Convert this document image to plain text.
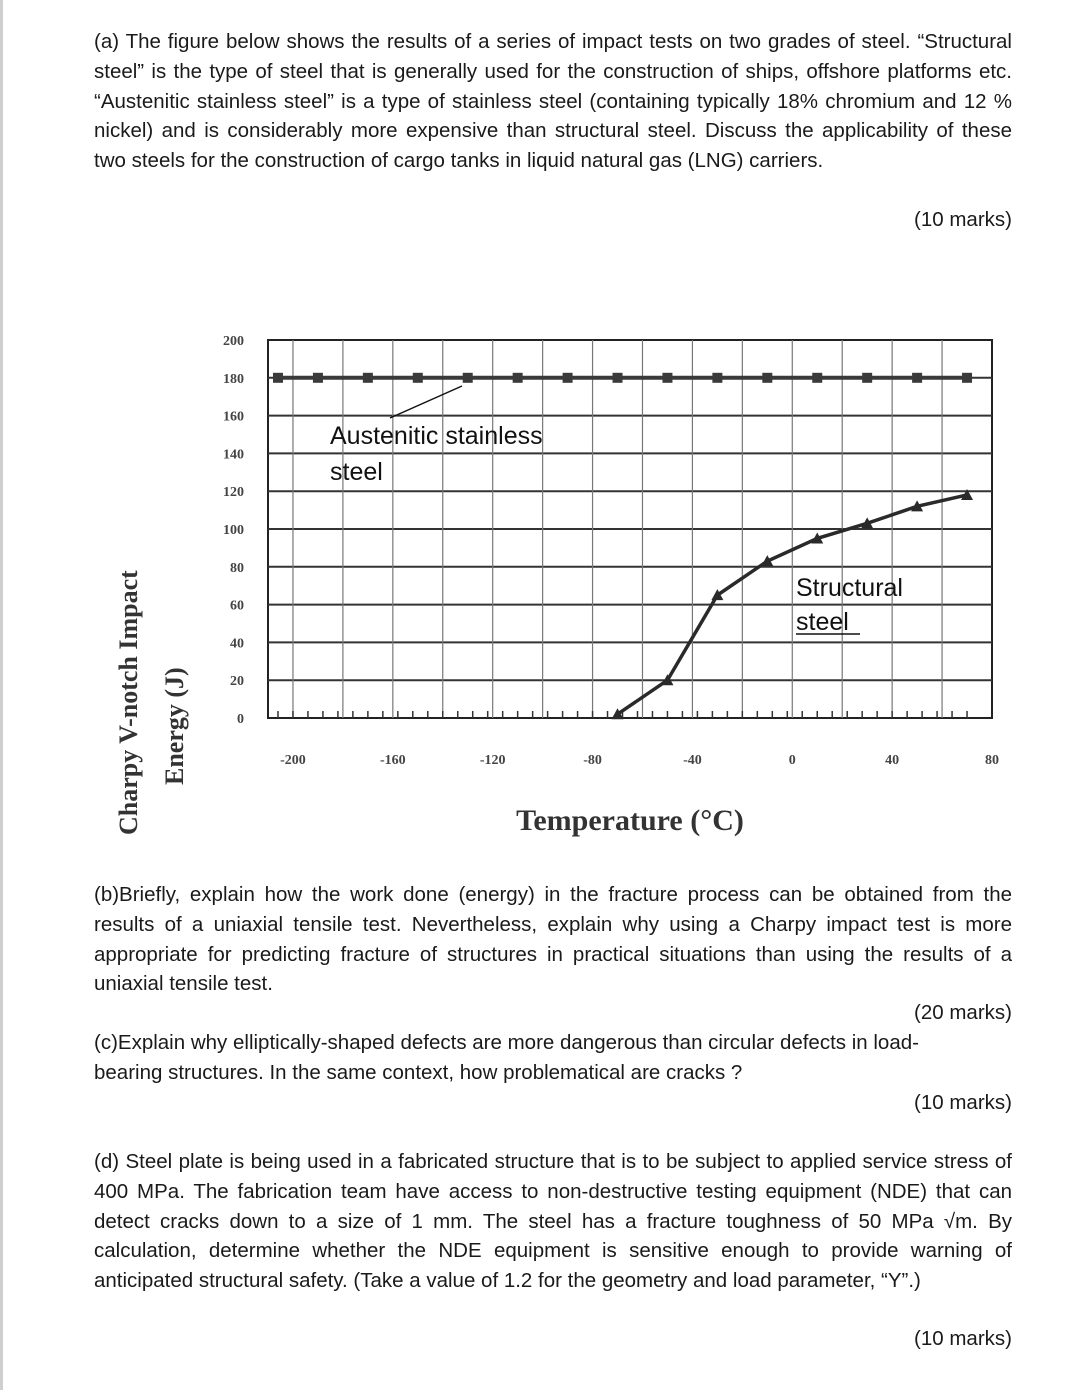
(a) The figure below shows the results of a series of impact tests on two grades of steel. “Structural steel” is the type of steel that is generally used for the construction of ships, offshore platforms etc. “Austenitic stainless steel” is a type of stainless steel (containing typically 18% chromium and 12 % nickel) and is considerably more expensive than structural steel. Discuss the applicability of these two steels for the construction of cargo tanks in liquid natural gas (LNG) carriers.

(10 marks)
0
20
40
60
80
100
120
140
160
180
200
-200	-160	-120	-80	-40	0	40	80
Austenitic stainless
steel
Structural
steel
Temperature (°C)
Charpy V-notch Impact Energy (J)

(b)Briefly, explain how the work done (energy) in the fracture process can be obtained from the results of a uniaxial tensile test. Nevertheless, explain why using a Charpy impact test is more appropriate for predicting fracture of structures in practical situations than using the results of a uniaxial tensile test.

(20 marks)

(c)Explain why elliptically-shaped defects are more dangerous than circular defects in load-bearing structures. In the same context, how problematical are cracks ?

(10 marks)

(d) Steel plate is being used in a fabricated structure that is to be subject to applied service stress of 400 MPa. The fabrication team have access to non-destructive testing equipment (NDE) that can detect cracks down to a size of 1 mm. The steel has a fracture toughness of 50 MPa √m. By calculation, determine whether the NDE equipment is sensitive enough to provide warning of anticipated structural safety. (Take a value of 1.2 for the geometry and load parameter, “Y”.)

(10 marks)
